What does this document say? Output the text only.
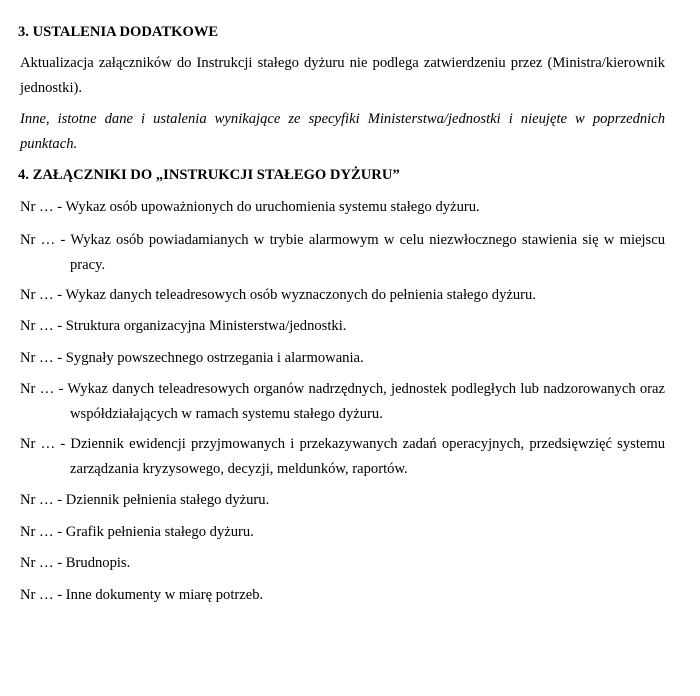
3. USTALENIA DODATKOWE
Aktualizacja załączników do Instrukcji stałego dyżuru nie podlega zatwierdzeniu przez (Ministra/kierownik jednostki).
Inne, istotne dane i ustalenia wynikające ze specyfiki Ministerstwa/jednostki i nieujęte w poprzednich punktach.
4. ZAŁĄCZNIKI DO „INSTRUKCJI STAŁEGO DYŻURU”
Nr … - Wykaz osób upoważnionych do uruchomienia systemu stałego dyżuru.
Nr … - Wykaz osób powiadamianych w trybie alarmowym w celu niezwłocznego stawienia się w miejscu
pracy.
Nr … - Wykaz danych teleadresowych osób wyznaczonych do pełnienia stałego dyżuru.
Nr … - Struktura organizacyjna Ministerstwa/jednostki.
Nr … - Sygnały powszechnego ostrzegania i alarmowania.
Nr … - Wykaz danych teleadresowych organów nadrzędnych, jednostek podległych lub nadzorowanych oraz
współdziałających w ramach systemu stałego dyżuru.
Nr … - Dziennik ewidencji przyjmowanych i przekazywanych zadań operacyjnych, przedsięwzięć systemu
zarządzania kryzysowego, decyzji, meldunków, raportów.
Nr … - Dziennik pełnienia stałego dyżuru.
Nr … - Grafik pełnienia stałego dyżuru.
Nr … - Brudnopis.
Nr … - Inne dokumenty w miarę potrzeb.
